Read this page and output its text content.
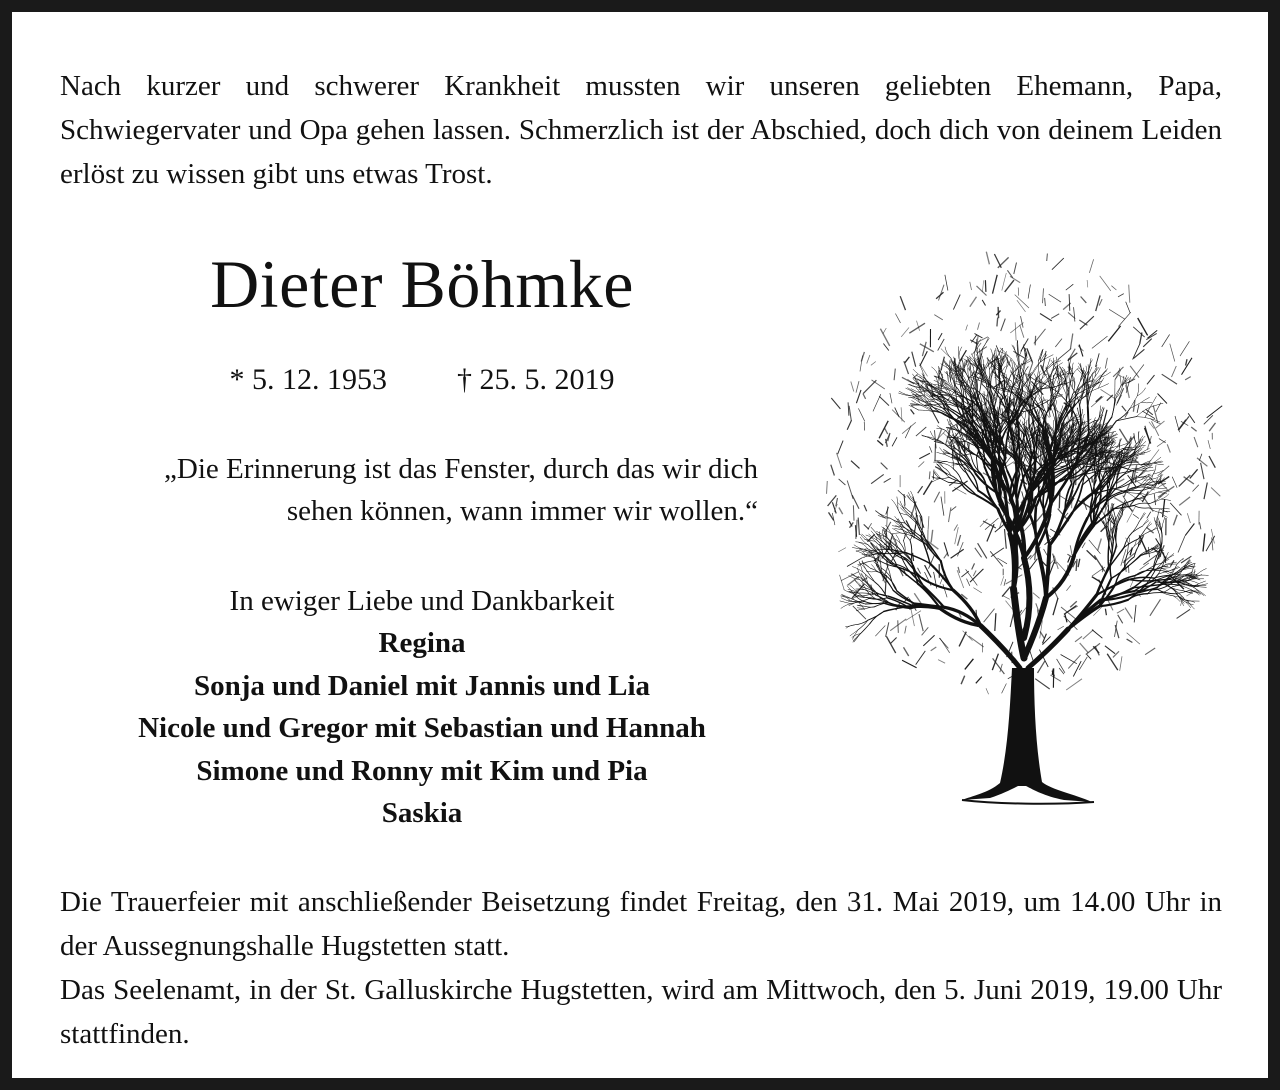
Nach kurzer und schwerer Krankheit mussten wir unseren geliebten Ehemann, Papa, Schwiegervater und Opa gehen lassen. Schmerzlich ist der Abschied, doch dich von deinem Leiden erlöst zu wissen gibt uns etwas Trost.

Dieter Böhmke

* 5. 12. 1953 † 25. 5. 2019

„Die Erinnerung ist das Fenster, durch das wir dich
sehen können, wann immer wir wollen.“

In ewiger Liebe und Dankbarkeit

Regina
Sonja und Daniel mit Jannis und Lia
Nicole und Gregor mit Sebastian und Hannah
Simone und Ronny mit Kim und Pia
Saskia

Die Trauerfeier mit anschließender Beisetzung findet Freitag, den 31. Mai 2019, um 14.00 Uhr in der Aussegnungshalle Hugstetten statt.

Das Seelenamt, in der St. Galluskirche Hugstetten, wird am Mittwoch, den 5. Juni 2019, 19.00 Uhr stattfinden.
